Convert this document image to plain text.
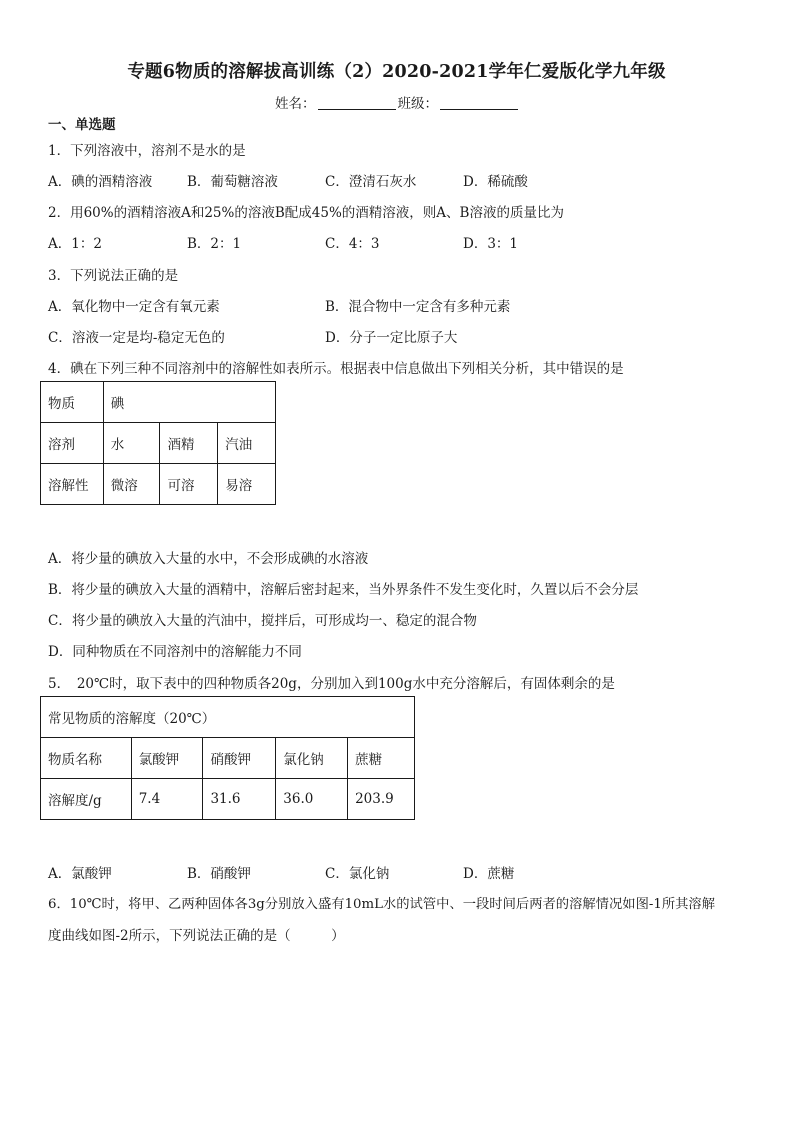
专题6物质的溶解拔高训练（2）2020-2021学年仁爱版化学九年级
姓名：	班级：
一、单选题
1．下列溶液中，溶剂不是水的是
A．碘的酒精溶液	B．葡萄糖溶液	C．澄清石灰水	D．稀硫酸
2．用60%的酒精溶液A和25%的溶液B配成45%的酒精溶液，则A、B溶液的质量比为
A．1：2	B．2：1	C．4：3	D．3：1
3．下列说法正确的是
A．氧化物中一定含有氧元素	B．混合物中一定含有多种元素
C．溶液一定是均-稳定无色的	D．分子一定比原子大
4．碘在下列三种不同溶剂中的溶解性如表所示。根据表中信息做出下列相关分析，其中错误的是
物质	碘		
溶剂	水	酒精	汽油
溶解性	微溶	可溶	易溶
A．将少量的碘放入大量的水中，不会形成碘的水溶液
B．将少量的碘放入大量的酒精中，溶解后密封起来，当外界条件不发生变化时，久置以后不会分层
C．将少量的碘放入大量的汽油中，搅拌后，可形成均一、稳定的混合物
D．同种物质在不同溶剂中的溶解能力不同
5．　20℃时，取下表中的四种物质各20g，分别加入到100g水中充分溶解后，有固体剩余的是
常见物质的溶解度（20℃）				
物质名称	氯酸钾	硝酸钾	氯化钠	蔗糖
溶解度/g	7.4	31.6	36.0	203.9
A．氯酸钾	B．硝酸钾	C．氯化钠	D．蔗糖
6．10℃时，将甲、乙两种固体各3g分别放入盛有10mL水的试管中、一段时间后两者的溶解情况如图-1所其溶解
度曲线如图-2所示，下列说法正确的是（　　　）
